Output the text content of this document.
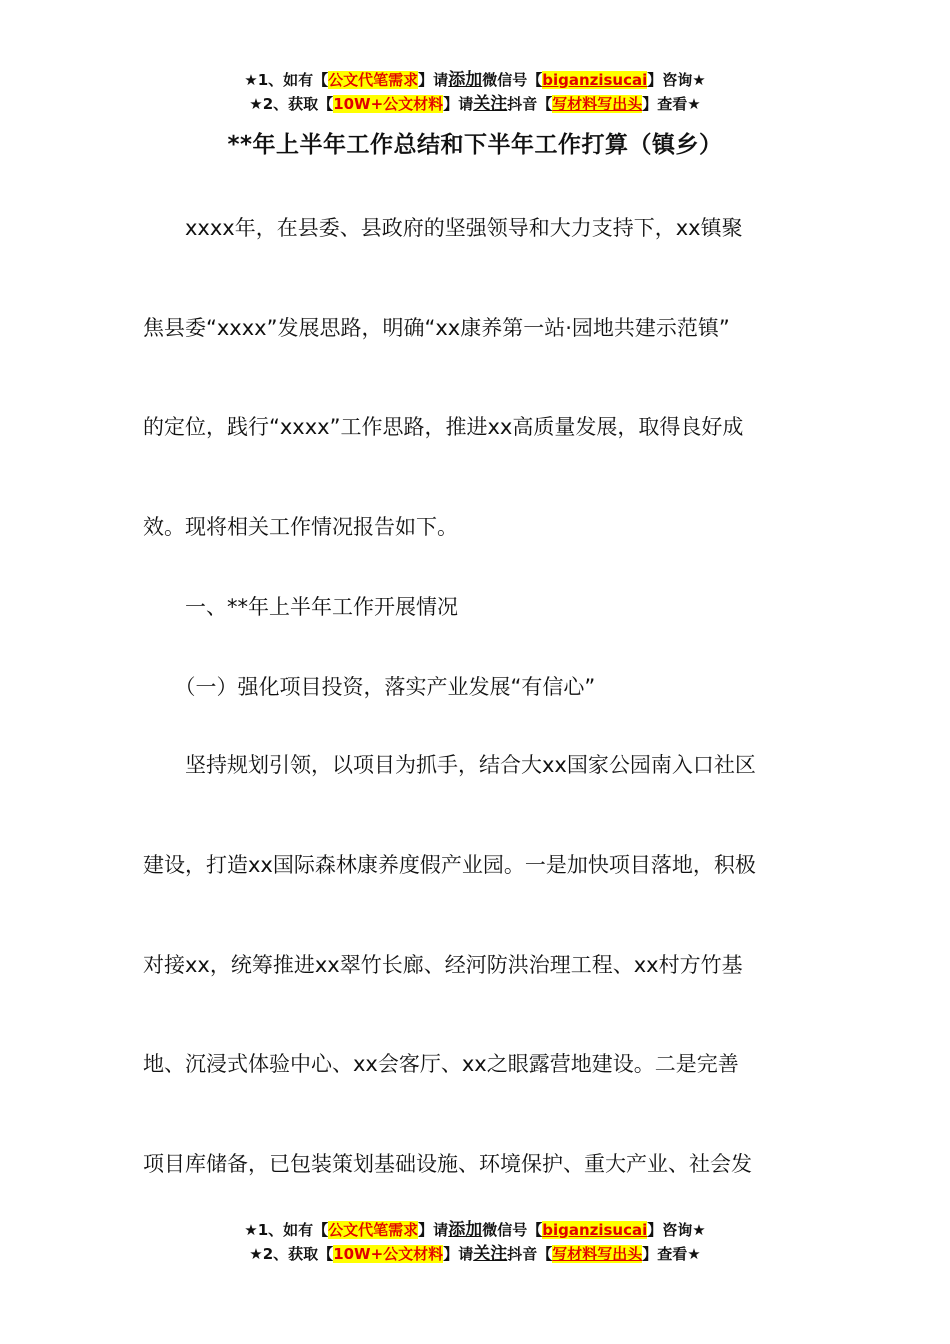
★1、如有【公文代笔需求】请添加微信号【biganzisucai】咨询★
★2、获取【10W+公文材料】请关注抖音【写材料写出头】查看★
**年上半年工作总结和下半年工作打算（镇乡）
　　xxxx年，在县委、县政府的坚强领导和大力支持下，xx镇聚
焦县委“xxxx”发展思路，明确“xx康养第一站·园地共建示范镇”
的定位，践行“xxxx”工作思路，推进xx高质量发展，取得良好成
效。现将相关工作情况报告如下。
　　一、**年上半年工作开展情况
　　（一）强化项目投资，落实产业发展“有信心”
　　坚持规划引领，以项目为抓手，结合大xx国家公园南入口社区
建设，打造xx国际森林康养度假产业园。一是加快项目落地，积极
对接xx，统筹推进xx翠竹长廊、经河防洪治理工程、xx村方竹基
地、沉浸式体验中心、xx会客厅、xx之眼露营地建设。二是完善
项目库储备，已包装策划基础设施、环境保护、重大产业、社会发
★1、如有【公文代笔需求】请添加微信号【biganzisucai】咨询★
★2、获取【10W+公文材料】请关注抖音【写材料写出头】查看★
